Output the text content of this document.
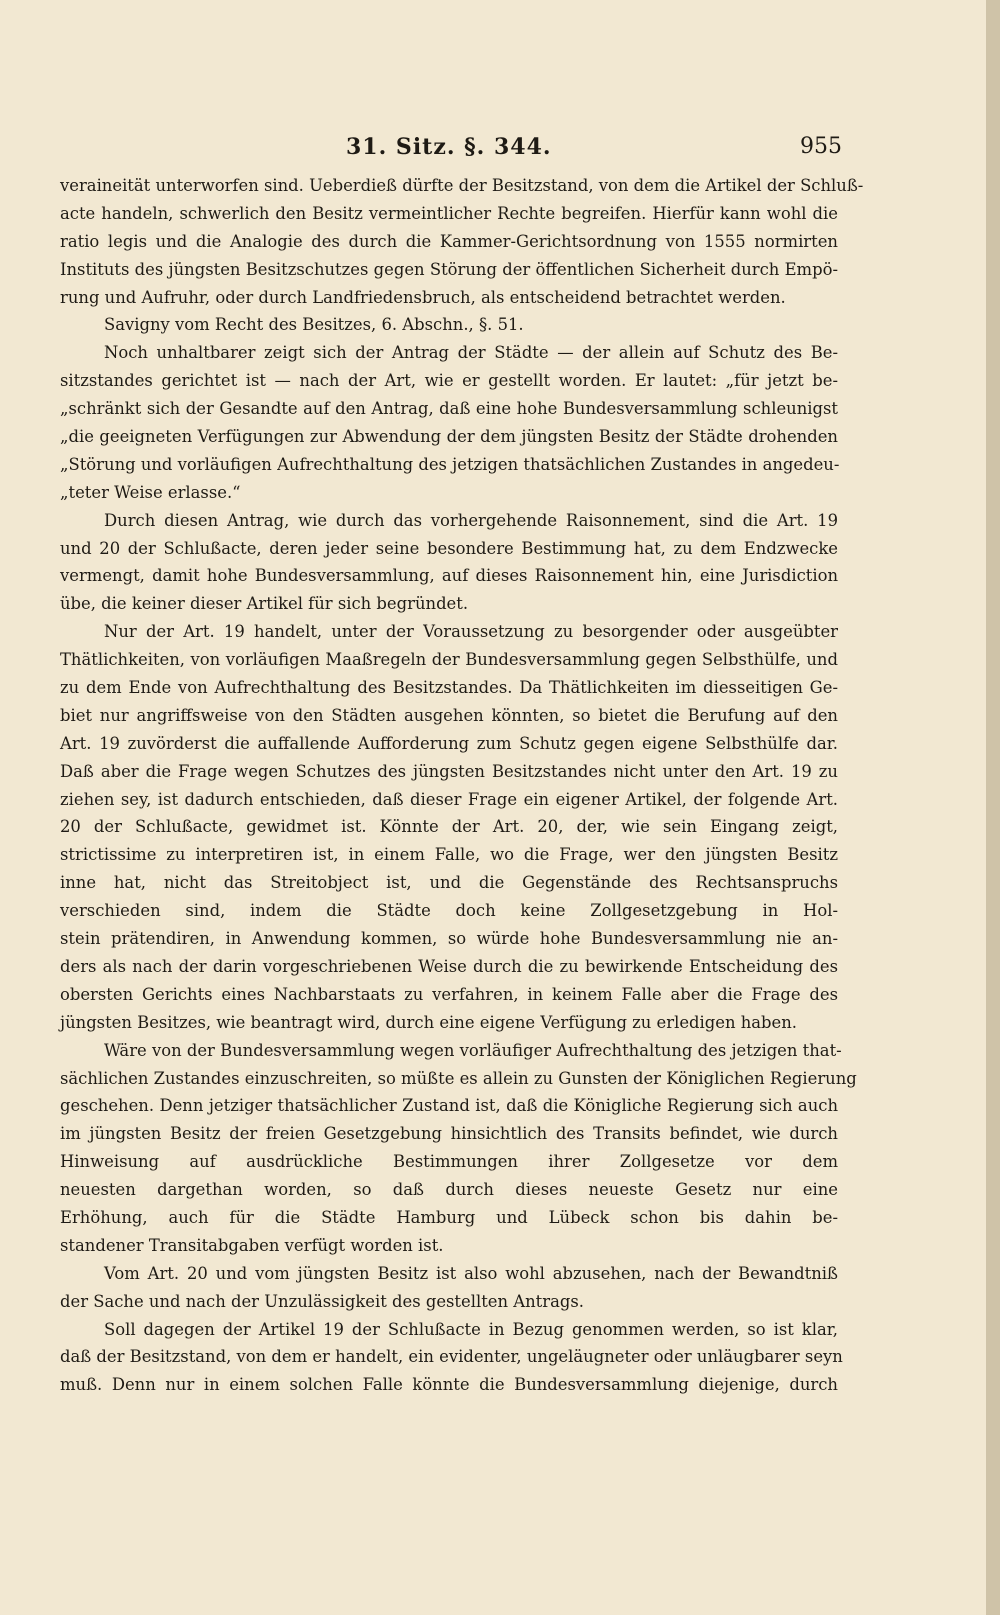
31. Sitz. §. 344.	955
veraineität unterworfen sind. Ueberdieß dürfte der Besitzstand, von dem die Artikel der Schluß-
acte handeln, schwerlich den Besitz vermeintlicher Rechte begreifen. Hierfür kann wohl die
ratio legis und die Analogie des durch die Kammer-Gerichtsordnung von 1555 normirten
Instituts des jüngsten Besitzschutzes gegen Störung der öffentlichen Sicherheit durch Empö-
rung und Aufruhr, oder durch Landfriedensbruch, als entscheidend betrachtet werden.
Savigny vom Recht des Besitzes, 6. Abschn., §. 51.
Noch unhaltbarer zeigt sich der Antrag der Städte — der allein auf Schutz des Be-
sitzstandes gerichtet ist — nach der Art, wie er gestellt worden. Er lautet: „für jetzt be-
„schränkt sich der Gesandte auf den Antrag, daß eine hohe Bundesversammlung schleunigst
„die geeigneten Verfügungen zur Abwendung der dem jüngsten Besitz der Städte drohenden
„Störung und vorläufigen Aufrechthaltung des jetzigen thatsächlichen Zustandes in angedeu-
„teter Weise erlasse.“
Durch diesen Antrag, wie durch das vorhergehende Raisonnement, sind die Art. 19
und 20 der Schlußacte, deren jeder seine besondere Bestimmung hat, zu dem Endzwecke
vermengt, damit hohe Bundesversammlung, auf dieses Raisonnement hin, eine Jurisdiction
übe, die keiner dieser Artikel für sich begründet.
Nur der Art. 19 handelt, unter der Voraussetzung zu besorgender oder ausgeübter
Thätlichkeiten, von vorläufigen Maaßregeln der Bundesversammlung gegen Selbsthülfe, und
zu dem Ende von Aufrechthaltung des Besitzstandes. Da Thätlichkeiten im diesseitigen Ge-
biet nur angriffsweise von den Städten ausgehen könnten, so bietet die Berufung auf den
Art. 19 zuvörderst die auffallende Aufforderung zum Schutz gegen eigene Selbsthülfe dar.
Daß aber die Frage wegen Schutzes des jüngsten Besitzstandes nicht unter den Art. 19 zu
ziehen sey, ist dadurch entschieden, daß dieser Frage ein eigener Artikel, der folgende Art.
20 der Schlußacte, gewidmet ist. Könnte der Art. 20, der, wie sein Eingang zeigt,
strictissime zu interpretiren ist, in einem Falle, wo die Frage, wer den jüngsten Besitz
inne hat, nicht das Streitobject ist, und die Gegenstände des Rechtsanspruchs
verschieden sind, indem die Städte doch keine Zollgesetzgebung in Hol-
stein prätendiren, in Anwendung kommen, so würde hohe Bundesversammlung nie an-
ders als nach der darin vorgeschriebenen Weise durch die zu bewirkende Entscheidung des
obersten Gerichts eines Nachbarstaats zu verfahren, in keinem Falle aber die Frage des
jüngsten Besitzes, wie beantragt wird, durch eine eigene Verfügung zu erledigen haben.
Wäre von der Bundesversammlung wegen vorläufiger Aufrechthaltung des jetzigen that-
sächlichen Zustandes einzuschreiten, so müßte es allein zu Gunsten der Königlichen Regierung
geschehen. Denn jetziger thatsächlicher Zustand ist, daß die Königliche Regierung sich auch
im jüngsten Besitz der freien Gesetzgebung hinsichtlich des Transits befindet, wie durch
Hinweisung auf ausdrückliche Bestimmungen ihrer Zollgesetze vor dem
neuesten dargethan worden, so daß durch dieses neueste Gesetz nur eine
Erhöhung, auch für die Städte Hamburg und Lübeck schon bis dahin be-
standener Transitabgaben verfügt worden ist.
Vom Art. 20 und vom jüngsten Besitz ist also wohl abzusehen, nach der Bewandtniß
der Sache und nach der Unzulässigkeit des gestellten Antrags.
Soll dagegen der Artikel 19 der Schlußacte in Bezug genommen werden, so ist klar,
daß der Besitzstand, von dem er handelt, ein evidenter, ungeläugneter oder unläugbarer seyn
muß. Denn nur in einem solchen Falle könnte die Bundesversammlung diejenige, durch
